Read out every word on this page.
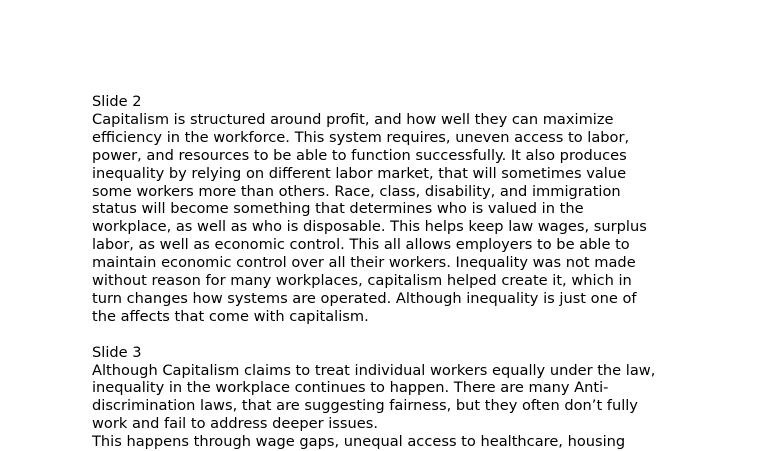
Slide 2
Capitalism is structured around profit, and how well they can maximize
efficiency in the workforce. This system requires, uneven access to labor,
power, and resources to be able to function successfully. It also produces
inequality by relying on different labor market, that will sometimes value
some workers more than others. Race, class, disability, and immigration
status will become something that determines who is valued in the
workplace, as well as who is disposable. This helps keep law wages, surplus
labor, as well as economic control. This all allows employers to be able to
maintain economic control over all their workers. Inequality was not made
without reason for many workplaces, capitalism helped create it, which in
turn changes how systems are operated. Although inequality is just one of
the affects that come with capitalism.
Slide 3
Although Capitalism claims to treat individual workers equally under the law,
inequality in the workplace continues to happen. There are many Anti-
discrimination laws, that are suggesting fairness, but they often don’t fully
work and fail to address deeper issues.
This happens through wage gaps, unequal access to healthcare, housing
